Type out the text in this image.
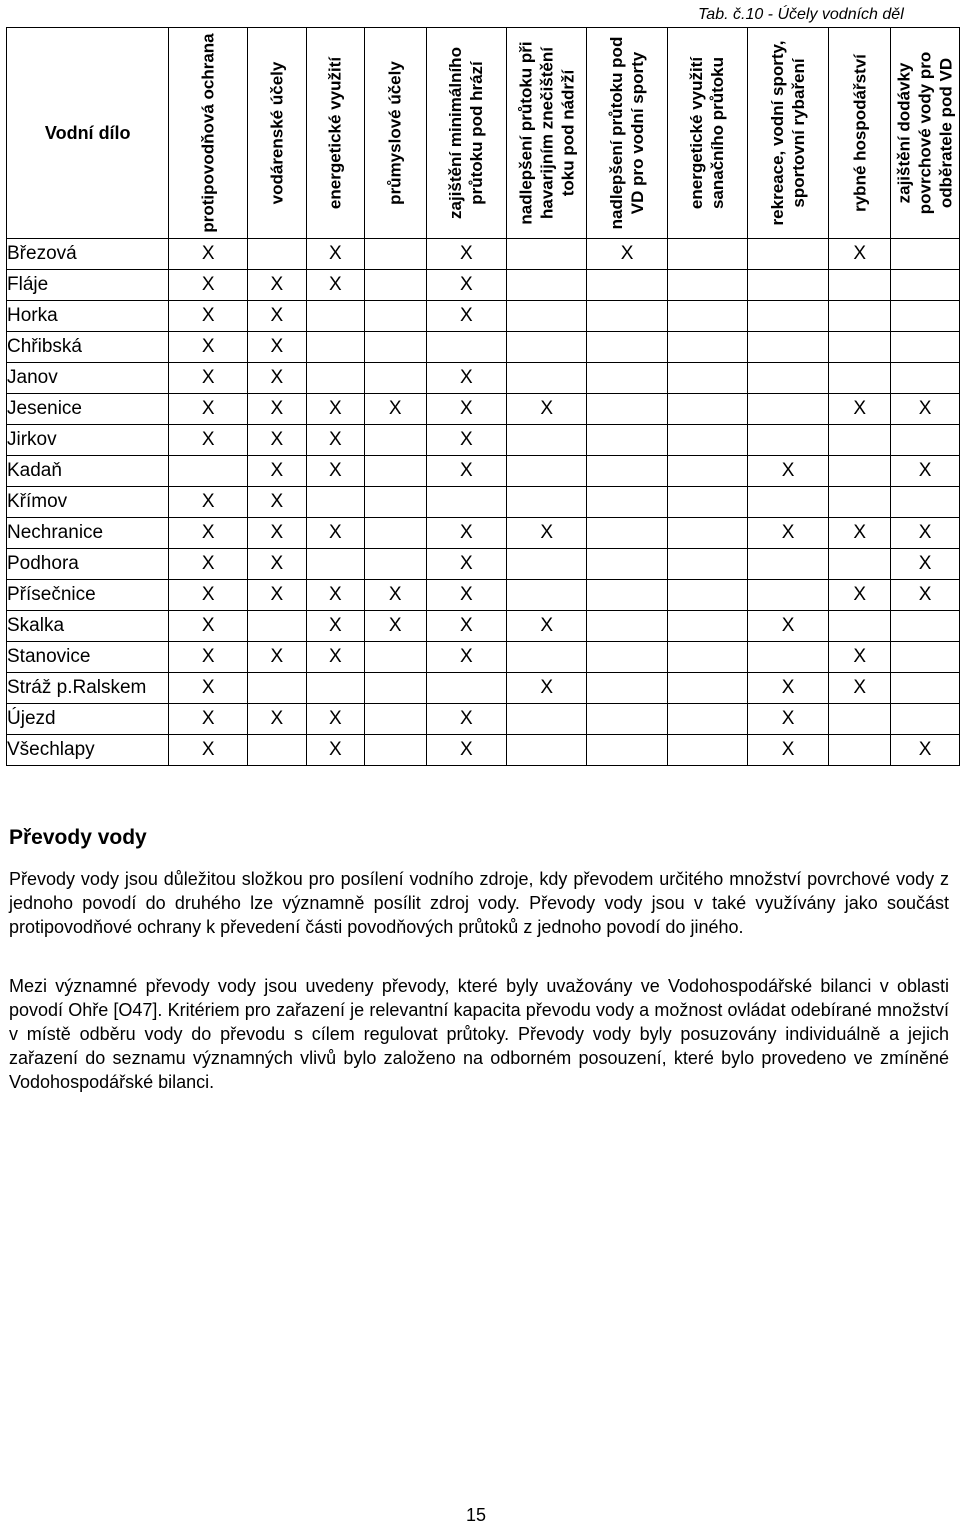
Tab. č.10 - Účely vodních děl
Vodní dílo	protipovodňová ochrana	vodárenské účely	energetické využití	průmyslové účely	zajištění minimálního průtoku pod hrází	nadlepšení průtoku při havarijním znečištění toku pod nádrží	nadlepšení průtoku pod VD pro vodní sporty	energetické využití sanačního průtoku	rekreace, vodní sporty, sportovní rybaření	rybné hospodářství	zajištění dodávky povrchové vody pro odběratele pod VD

Březová	X		X		X		X			X	
Fláje	X	X	X		X						
Horka	X	X			X						
Chřibská	X	X									
Janov	X	X			X						
Jesenice	X	X	X	X	X	X				X	X
Jirkov	X	X	X		X						
Kadaň		X	X		X				X		X
Křímov	X	X									
Nechranice	X	X	X		X	X			X	X	X
Podhora	X	X			X						X
Přísečnice	X	X	X	X	X					X	X
Skalka	X		X	X	X	X			X		
Stanovice	X	X	X		X					X	
Stráž p.Ralskem	X					X			X	X	
Újezd	X	X	X		X				X		
Všechlapy	X		X		X				X		X
Převody vody

Převody vody jsou důležitou složkou pro posílení vodního zdroje, kdy převodem určitého množství povrchové vody z jednoho povodí do druhého lze významně posílit zdroj vody. Převody vody jsou v také využívány jako součást protipovodňové ochrany k převedení části povodňových průtoků z jednoho povodí do jiného.

Mezi významné převody vody jsou uvedeny převody, které byly uvažovány ve Vodohospodářské bilanci v oblasti povodí Ohře [O47]. Kritériem pro zařazení je relevantní kapacita převodu vody a možnost ovládat odebírané množství v místě odběru vody do převodu s cílem regulovat průtoky. Převody vody byly posuzovány individuálně a jejich zařazení do seznamu významných vlivů bylo založeno na odborném posouzení, které bylo provedeno ve zmíněné Vodohospodářské bilanci.

15
